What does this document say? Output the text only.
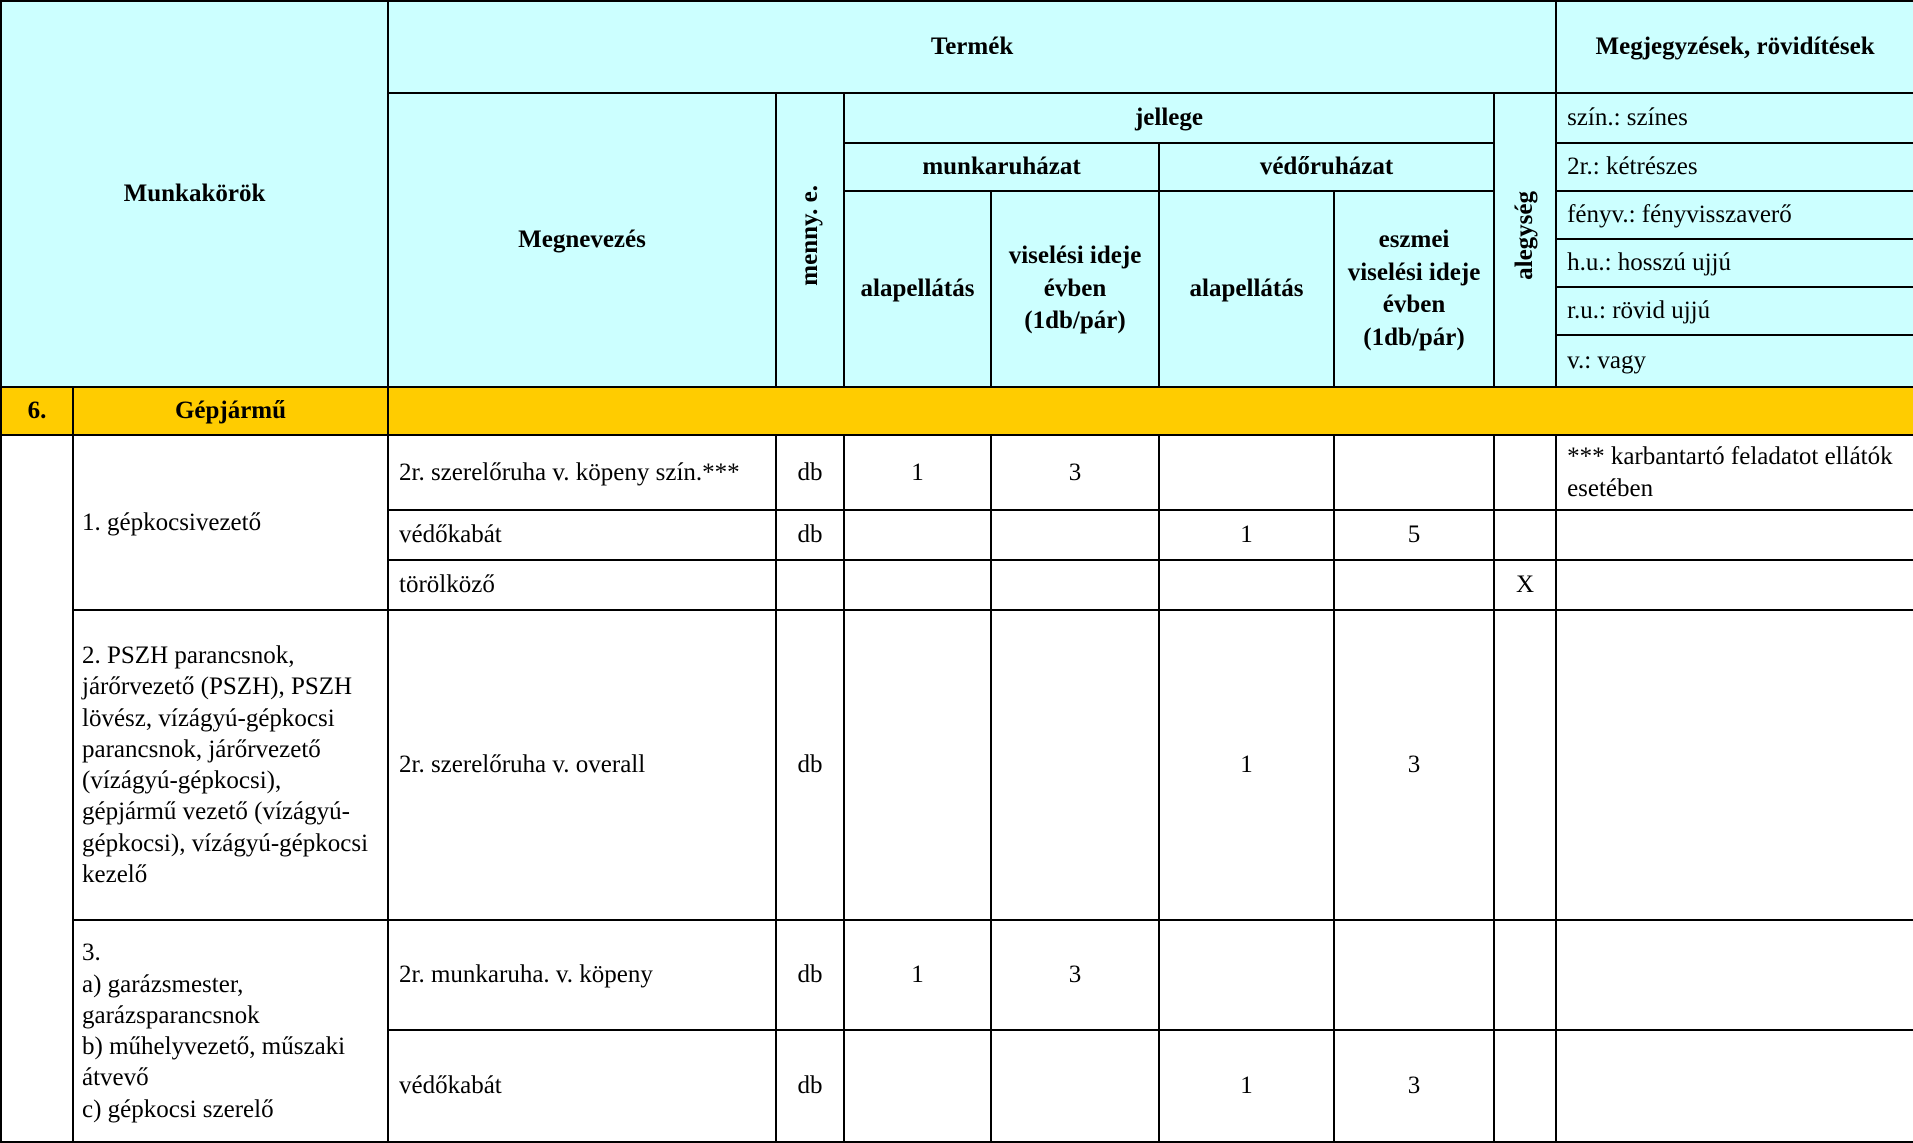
Munkakörök		Termék							Megjegyzések, rövidítések
		Megnevezés	menny. e.	jellege				alegység	szín.: színes
				munkaruházat		védőruházat			2r.: kétrészes
				alapellátás	viselési ideje évben (1db/pár)	alapellátás	eszmei viselési ideje évben (1db/pár)		fényv.: fényvisszaverő
									h.u.: hosszú ujjú
									r.u.: rövid ujjú
									v.: vagy
6.	Gépjármű								
	1. gépkocsivezető	2r. szerelőruha v. köpeny szín.***	db	1	3				*** karbantartó feladatot ellátók esetében
		védőkabát	db			1	5		
		törölköző						X	
	2. PSZH parancsnok, járőrvezető (PSZH), PSZH lövész, vízágyú-gépkocsi parancsnok, járőrvezető (vízágyú-gépkocsi), gépjármű vezető (vízágyú-gépkocsi), vízágyú-gépkocsi kezelő	2r. szerelőruha v. overall	db			1	3		

	3.
a) garázsmester, garázsparancsnok
b) műhelyvezető, műszaki átvevő
c) gépkocsi szerelő	2r. munkaruha. v. köpeny	db	1	3				
		védőkabát	db			1	3		
